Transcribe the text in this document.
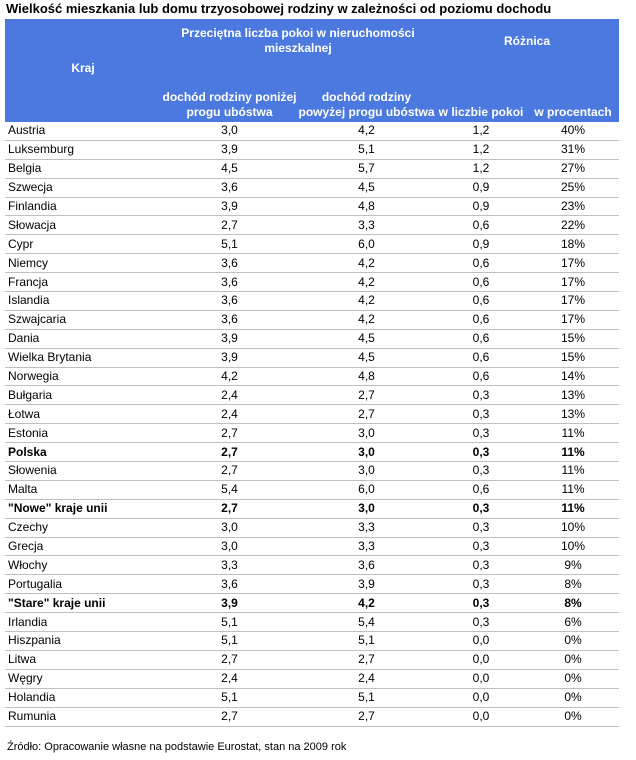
Wielkość mieszkania lub domu trzyosobowej rodziny w zależności od poziomu dochodu
Kraj	Przeciętna liczba pokoi w nieruchomości mieszkalnej		Różnica	
	dochód rodziny poniżej progu ubóstwa	dochód rodziny powyżej progu ubóstwa	w liczbie pokoi	w procentach
Austria	3,0	4,2	1,2	40%
Luksemburg	3,9	5,1	1,2	31%
Belgia	4,5	5,7	1,2	27%
Szwecja	3,6	4,5	0,9	25%
Finlandia	3,9	4,8	0,9	23%
Słowacja	2,7	3,3	0,6	22%
Cypr	5,1	6,0	0,9	18%
Niemcy	3,6	4,2	0,6	17%
Francja	3,6	4,2	0,6	17%
Islandia	3,6	4,2	0,6	17%
Szwajcaria	3,6	4,2	0,6	17%
Dania	3,9	4,5	0,6	15%
Wielka Brytania	3,9	4,5	0,6	15%
Norwegia	4,2	4,8	0,6	14%
Bułgaria	2,4	2,7	0,3	13%
Łotwa	2,4	2,7	0,3	13%
Estonia	2,7	3,0	0,3	11%
Polska	2,7	3,0	0,3	11%
Słowenia	2,7	3,0	0,3	11%
Malta	5,4	6,0	0,6	11%
"Nowe" kraje unii	2,7	3,0	0,3	11%
Czechy	3,0	3,3	0,3	10%
Grecja	3,0	3,3	0,3	10%
Włochy	3,3	3,6	0,3	9%
Portugalia	3,6	3,9	0,3	8%
"Stare" kraje unii	3,9	4,2	0,3	8%
Irlandia	5,1	5,4	0,3	6%
Hiszpania	5,1	5,1	0,0	0%
Litwa	2,7	2,7	0,0	0%
Węgry	2,4	2,4	0,0	0%
Holandia	5,1	5,1	0,0	0%
Rumunia	2,7	2,7	0,0	0%
Źródło: Opracowanie własne na podstawie Eurostat, stan na 2009 rok
